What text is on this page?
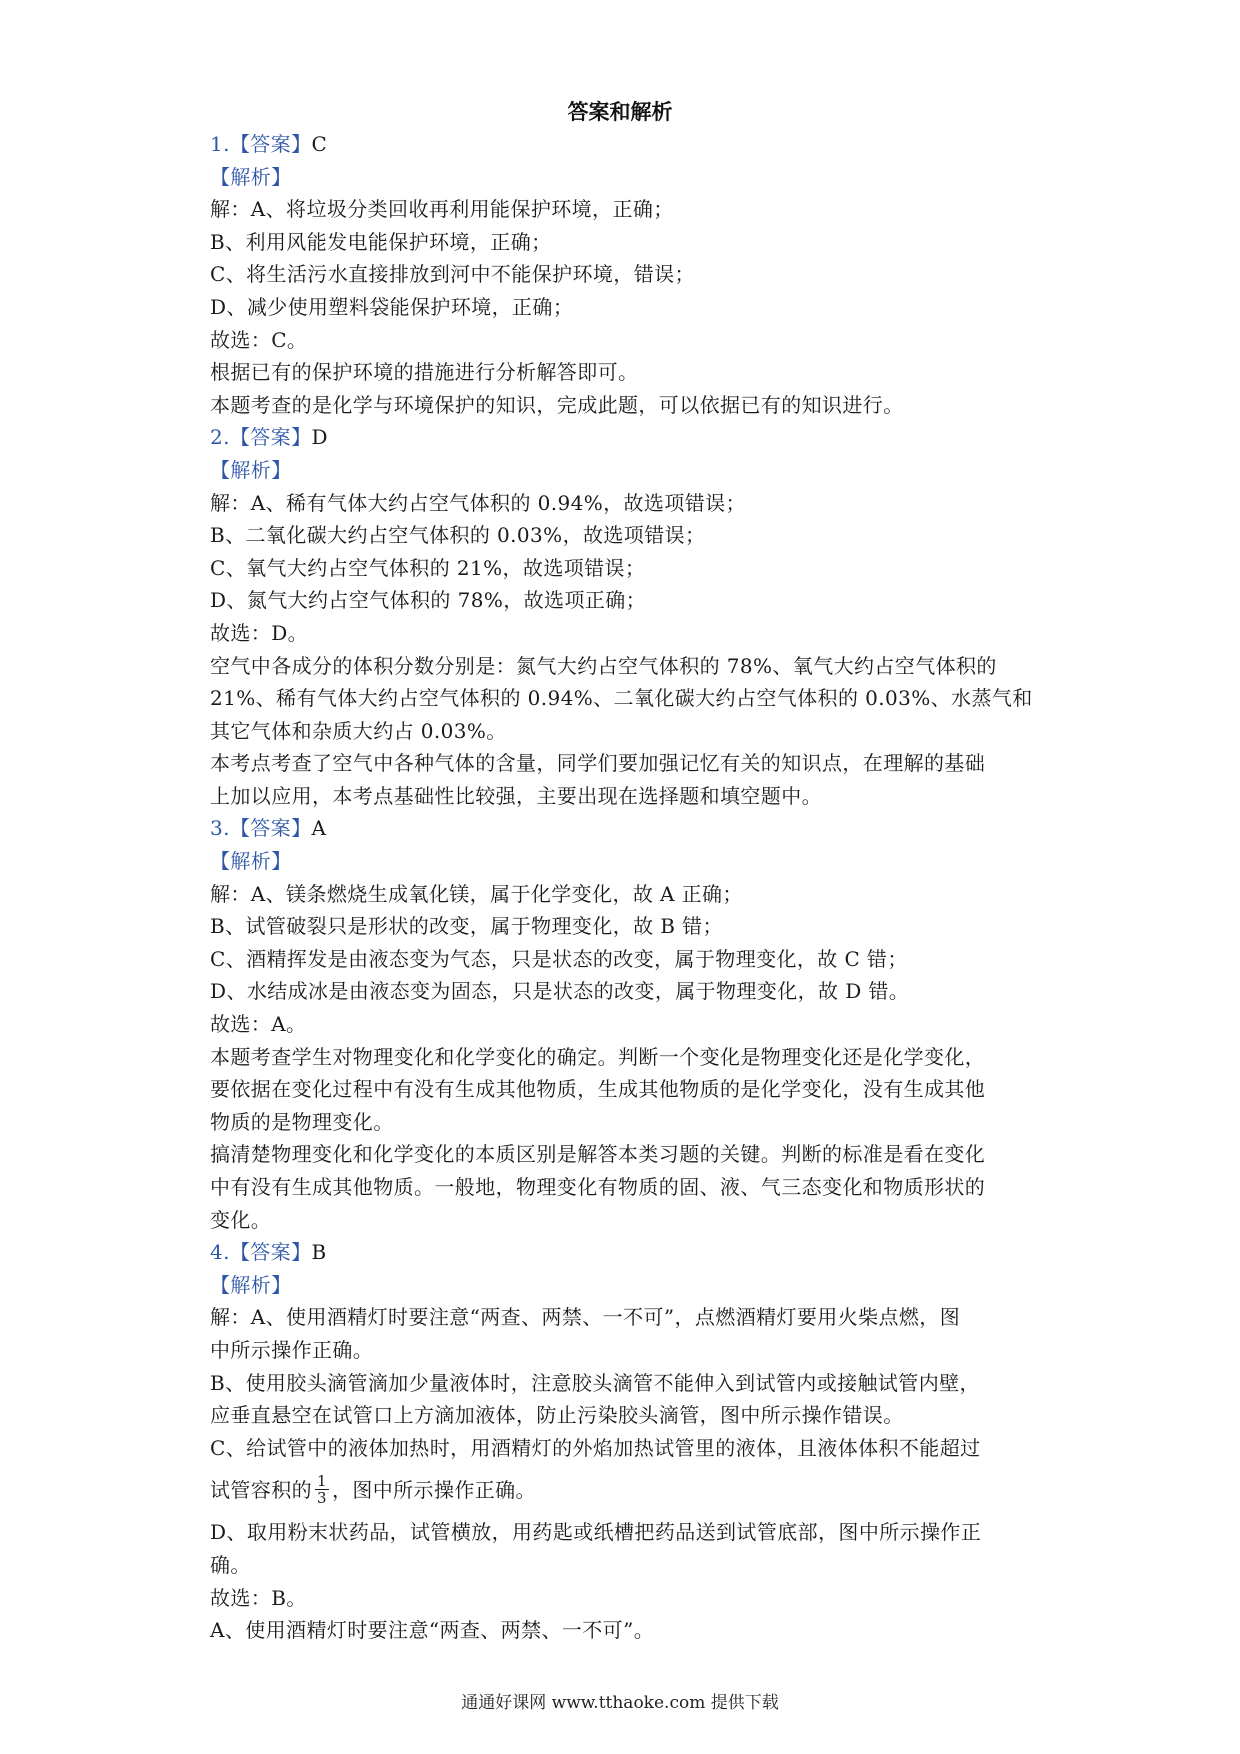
答案和解析
1.【答案】C
【解析】
解：A、将垃圾分类回收再利用能保护环境，正确；
B、利用风能发电能保护环境，正确；
C、将生活污水直接排放到河中不能保护环境，错误；
D、减少使用塑料袋能保护环境，正确；
故选：C。
根据已有的保护环境的措施进行分析解答即可。
本题考查的是化学与环境保护的知识，完成此题，可以依据已有的知识进行。
2.【答案】D
【解析】
解：A、稀有气体大约占空气体积的 0.94%，故选项错误；
B、二氧化碳大约占空气体积的 0.03%，故选项错误；
C、氧气大约占空气体积的 21%，故选项错误；
D、氮气大约占空气体积的 78%，故选项正确；
故选：D。
空气中各成分的体积分数分别是：氮气大约占空气体积的 78%、氧气大约占空气体积的
21%、稀有气体大约占空气体积的 0.94%、二氧化碳大约占空气体积的 0.03%、水蒸气和
其它气体和杂质大约占 0.03%。
本考点考查了空气中各种气体的含量，同学们要加强记忆有关的知识点，在理解的基础
上加以应用，本考点基础性比较强，主要出现在选择题和填空题中。
3.【答案】A
【解析】
解：A、镁条燃烧生成氧化镁，属于化学变化，故 A 正确；
B、试管破裂只是形状的改变，属于物理变化，故 B 错；
C、酒精挥发是由液态变为气态，只是状态的改变，属于物理变化，故 C 错；
D、水结成冰是由液态变为固态，只是状态的改变，属于物理变化，故 D 错。
故选：A。
本题考查学生对物理变化和化学变化的确定。判断一个变化是物理变化还是化学变化，
要依据在变化过程中有没有生成其他物质，生成其他物质的是化学变化，没有生成其他
物质的是物理变化。
搞清楚物理变化和化学变化的本质区别是解答本类习题的关键。判断的标准是看在变化
中有没有生成其他物质。一般地，物理变化有物质的固、液、气三态变化和物质形状的
变化。
4.【答案】B
【解析】
解：A、使用酒精灯时要注意“两查、两禁、一不可”，点燃酒精灯要用火柴点燃，图
中所示操作正确。
B、使用胶头滴管滴加少量液体时，注意胶头滴管不能伸入到试管内或接触试管内壁，
应垂直悬空在试管口上方滴加液体，防止污染胶头滴管，图中所示操作错误。
C、给试管中的液体加热时，用酒精灯的外焰加热试管里的液体，且液体体积不能超过
试管容积的 $\frac{1}{3}$ ，图中所示操作正确。
D、取用粉末状药品，试管横放，用药匙或纸槽把药品送到试管底部，图中所示操作正
确。
故选：B。
A、使用酒精灯时要注意“两查、两禁、一不可”。
通通好课网 www.tthaoke.com 提供下载
